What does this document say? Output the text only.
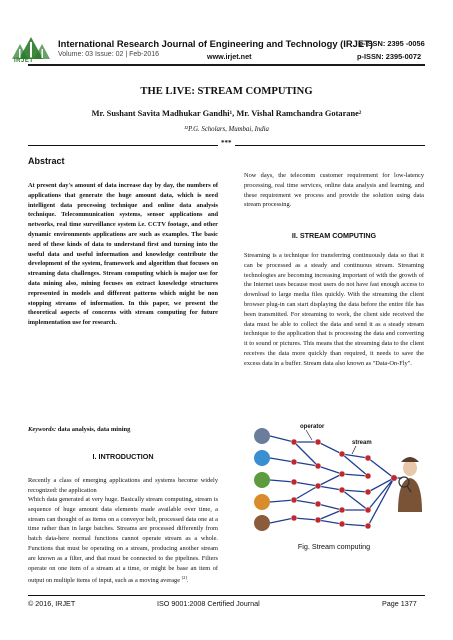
IRJET
International Research Journal of Engineering and Technology (IRJET)
e-ISSN: 2395 -0056
Volume: 03 Issue: 02 | Feb-2016	www.irjet.net	p-ISSN: 2395-0072
THE LIVE: STREAM COMPUTING
Mr. Sushant Savita Madhukar Gandhi¹, Mr. Vishal Ramchandra Gotarane²
¹²P.G. Scholars, Mumbai, India
***
Abstract
At present day's amount of data increase day by day, the numbers of applications that generate the huge amount data, which is need intelligent data processing technique and online data analysis technique. Telecommunication systems, sensor applications and networks, real time surveillance system i.e. CCTV footage, and other dynamic environments applications are such as examples. The basic need of these kinds of data to understand first and turning into the useful data and useful information and knowledge contribute the development of the system, framework and algorithm that focuses on streaming data challenges. Stream computing which is major use for data mining also, mining focuses on extract knowledge structures represented in models and different patterns which might be non stopping streams of information. In this paper, we present the theoretical aspects of concerns with stream computing for future implementation use for research.
Keywords: data analysis, data mining
I. INTRODUCTION
Recently a class of emerging applications and systems become widely recognized: the application
Which data generated at very huge. Basically stream computing, stream is sequence of huge amount data elements made available over time, a stream can thought of as items on a conveyor belt, processed data one at a time rather than in large batches. Streams are processed differently from batch data-here normal functions cannot operate stream as a whole. Functions that must be operating on a stream, producing another stream are known as a filter, and that must be connected to the pipelines. Filters operate on one item of a stream at a time, or might be base an item of output on multiple items of input, such as a moving average [2].
Now days, the telecomm customer requirement for low-latency processing, real time services, online data analysis and learning, and these requirement we process and provide the solution using data stream processing.
II. STREAM COMPUTING
Streaming is a technique for transferring continuously data so that it can be processed as a steady and continuous stream. Streaming technologies are becoming increasing important of with the growth of the Internet uses because most users do not have fast enough access to download to large media files quickly. With the streaming the client browser plug-in can start displaying the data before the entire file has been transmitted. For streaming to work, the client side received the data must be able to collect the data and send it as a steady stream technique to the application that is processing the data and converting it to sound or pictures. This means that the streaming data to the client receives the data more quickly than required, it needs to save the excess data in a buffer. Stream data also known as "Data-On-Fly".
operator
stream
Fig. Stream computing
© 2016, IRJET	ISO 9001:2008 Certified Journal	Page 1377
